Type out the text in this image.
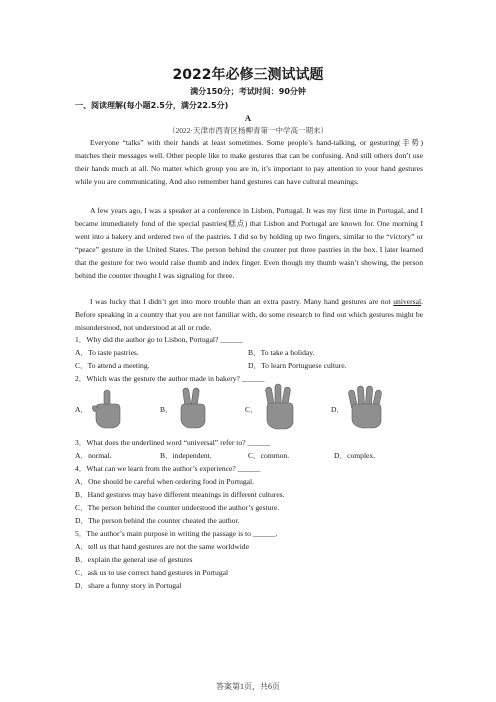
2022年必修三测试试题
满分150分；考试时间：90分钟
一、阅读理解(每小题2.5分，满分22.5分)
A
（2022·天津市西青区杨柳青第一中学高一期末）
Everyone “talks” with their hands at least sometimes. Some people’s hand-talking, or gesturing(手势) matches their messages well. Other people like to make gestures that can be confusing. And still others don’t use their hands much at all. No matter which group you are in, it’s important to pay attention to your hand gestures while you are communicating. And also remember hand gestures can have cultural meanings.
A few years ago, I was a speaker at a conference in Lisbon, Portugal. It was my first time in Portugal, and I became immediately fond of the special pastries(糕点) that Lisbon and Portugal are known for. One morning I went into a bakery and ordered two of the pastries. I did so by holding up two fingers, similar to the “victory” or “peace” gesture in the United States. The person behind the counter put three pastries in the box. I later learned that the gesture for two would raise thumb and index finger. Even though my thumb wasn’t showing, the person behind the counter thought I was signaling for three.
I was lucky that I didn’t get into more trouble than an extra pastry. Many hand gestures are not universal. Before speaking in a country that you are not familiar with, do some research to find out which gestures might be misunderstood, not understood at all or rude.
1．Why did the author go to Lisbon, Portugal? ______
A．To taste pastries.	B．To take a holiday.
C．To attend a meeting.	D．To learn Portuguese culture.
2．Which was the gesture the author made in bakery? ______
A．	B．	C．	D．
3．What does the underlined word “universal” refer to? ______
A．normal.	B．independent.	C．common.	D．complex.
4．What can we learn from the author’s experience? ______
A．One should be careful when ordering food in Portugal.
B．Hand gestures may have different meanings in different cultures.
C．The person behind the counter understood the author’s gesture.
D．The person behind the counter cheated the author.
5．The author’s main purpose in writing the passage is to ______.
A．tell us that hand gestures are not the same worldwide
B．explain the general use of gestures
C．ask us to use correct hand gestures in Portugal
D．share a funny story in Portugal
答案第1页，共6页
